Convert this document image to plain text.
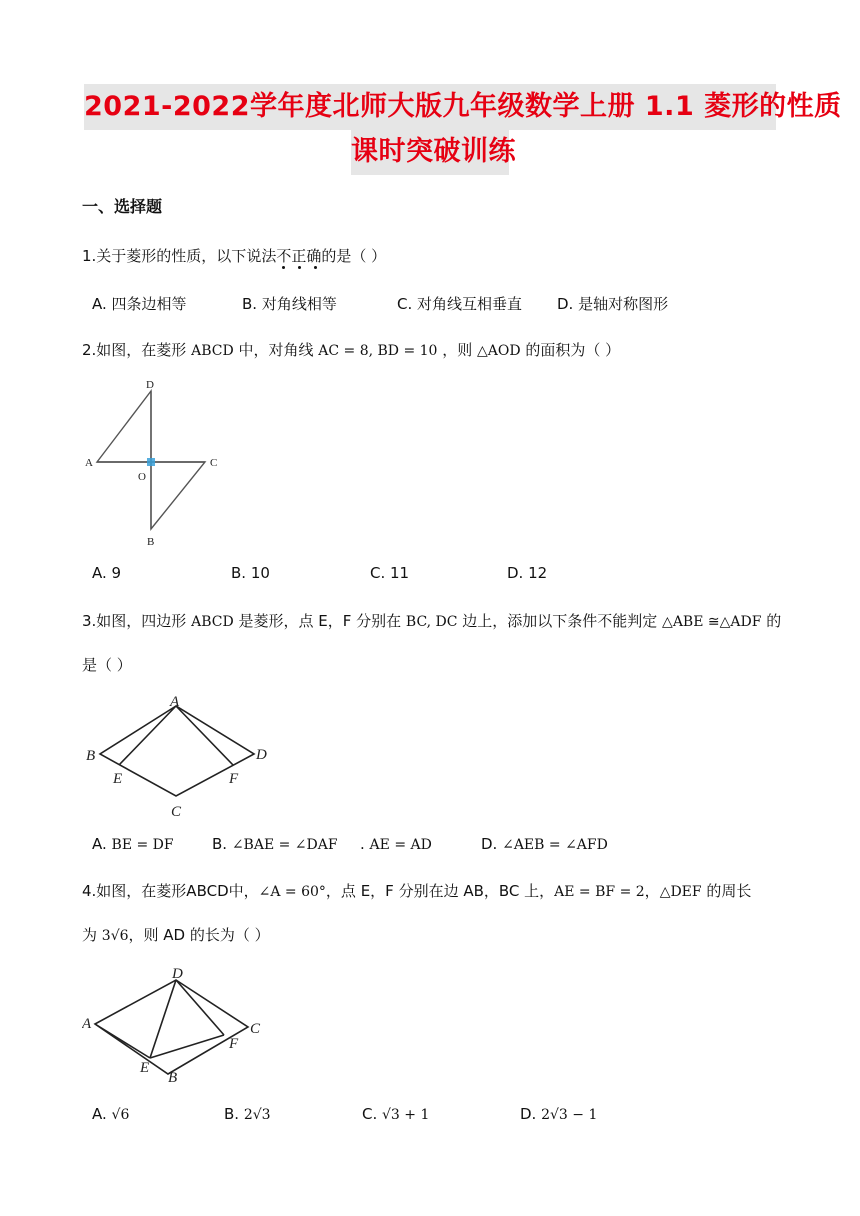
2021-2022学年度北师大版九年级数学上册 1.1 菱形的性质
课时突破训练
一、选择题
1.关于菱形的性质，以下说法不正确的是（ ）
A. 四条边相等	B. 对角线相等	C. 对角线互相垂直 D. 是轴对称图形
2.如图，在菱形 ABCD 中，对角线 AC = 8, BD = 10 ，则 △AOD 的面积为（ ）
D
A	C
O
B
A. 9	B. 10	C. 11	D. 12
3.如图，四边形 ABCD 是菱形，点 E，F 分别在 BC, DC 边上，添加以下条件不能判定 △ABE ≅△ADF 的
是（ ）
A
B	D
E	F
C
A. BE = DF	B. ∠BAE = ∠DAF . AE = AD	D. ∠AEB = ∠AFD
4.如图，在菱形ABCD中，∠A = 60°，点 E，F 分别在边 AB，BC 上，AE = BF = 2，△DEF 的周长
为 3√6，则 AD 的长为（ ）
D
A	C
F
E
B
A. √6	B. 2√3	C. √3 + 1	D. 2√3 − 1
